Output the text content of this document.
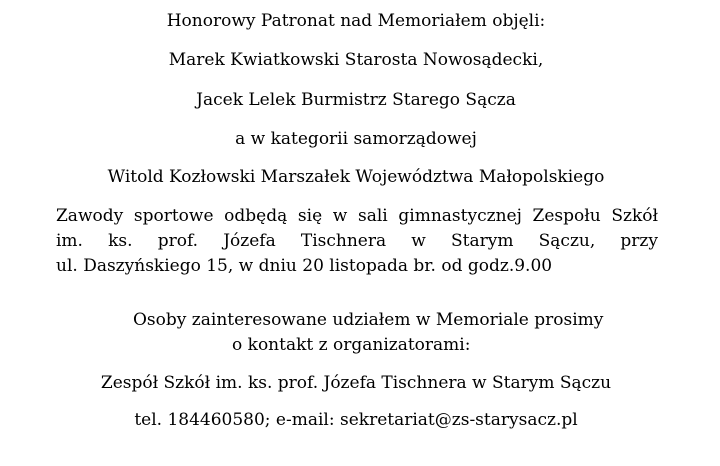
Honorowy Patronat nad Memoriałem objęli:
Marek Kwiatkowski Starosta Nowosądecki,
Jacek Lelek Burmistrz Starego Sącza
a w kategorii samorządowej
Witold Kozłowski Marszałek Województwa Małopolskiego
Zawody sportowe odbędą się w sali gimnastycznej Zespołu Szkół
im. ks. prof. Józefa Tischnera w Starym Sączu, przy
ul. Daszyńskiego 15, w dniu 20 listopada br. od godz.9.00
Osoby zainteresowane udziałem w Memoriale prosimy
o kontakt z organizatorami:
Zespół Szkół im. ks. prof. Józefa Tischnera w Starym Sączu
tel. 184460580; e-mail: sekretariat@zs-starysacz.pl
